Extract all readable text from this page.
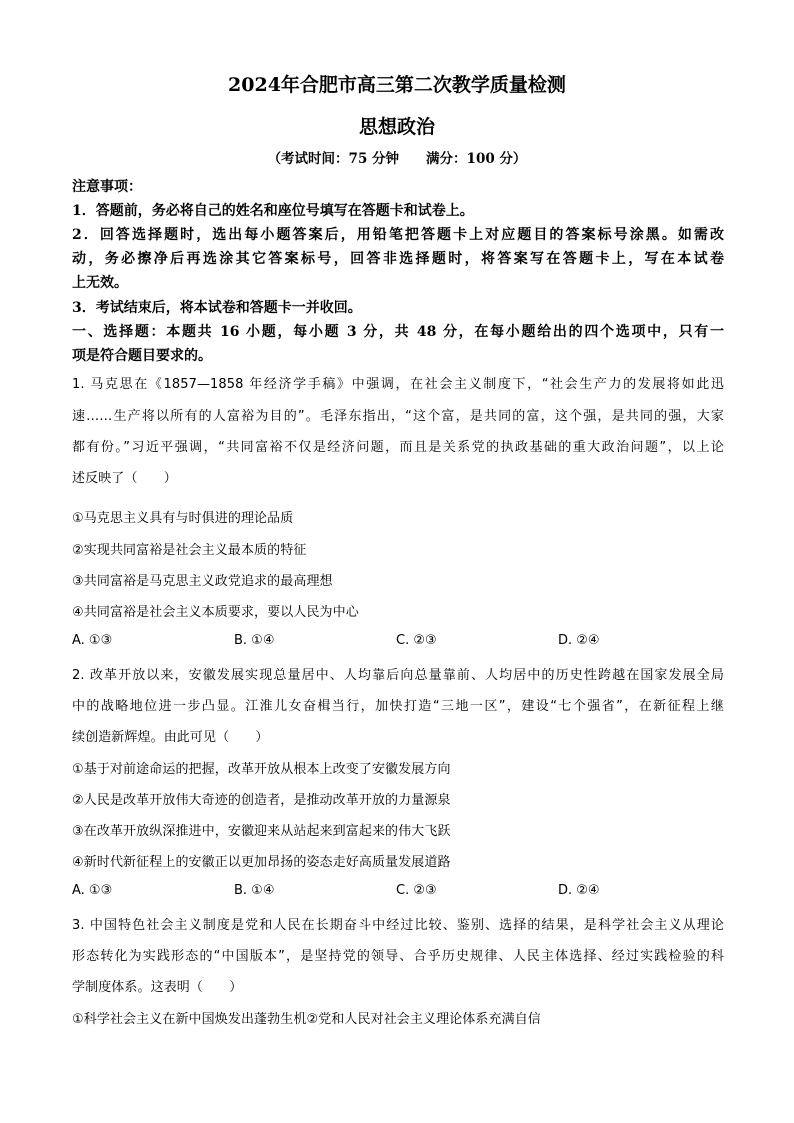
2024年合肥市高三第二次教学质量检测
思想政治
（考试时间：75 分钟　　满分：100 分）
注意事项：
1．答题前，务必将自己的姓名和座位号填写在答题卡和试卷上。
2．回答选择题时，选出每小题答案后，用铅笔把答题卡上对应题目的答案标号涂黑。如需改
动，务必擦净后再选涂其它答案标号，回答非选择题时，将答案写在答题卡上，写在本试卷
上无效。
3．考试结束后，将本试卷和答题卡一并收回。
一、选择题：本题共 16 小题，每小题 3 分，共 48 分，在每小题给出的四个选项中，只有一
项是符合题目要求的。
1. 马克思在《1857—1858 年经济学手稿》中强调，在社会主义制度下，“社会生产力的发展将如此迅
速……生产将以所有的人富裕为目的”。毛泽东指出，“这个富，是共同的富，这个强，是共同的强，大家
都有份。”习近平强调，“共同富裕不仅是经济问题，而且是关系党的执政基础的重大政治问题”，以上论
述反映了（　　）
①马克思主义具有与时俱进的理论品质
②实现共同富裕是社会主义最本质的特征
③共同富裕是马克思主义政党追求的最高理想
④共同富裕是社会主义本质要求，要以人民为中心
A. ①③	B. ①④	C. ②③	D. ②④
2. 改革开放以来，安徽发展实现总量居中、人均靠后向总量靠前、人均居中的历史性跨越在国家发展全局
中的战略地位进一步凸显。江淮儿女奋楫当行，加快打造“三地一区”，建设“七个强省”，在新征程上继
续创造新辉煌。由此可见（　　）
①基于对前途命运的把握，改革开放从根本上改变了安徽发展方向
②人民是改革开放伟大奇迹的创造者，是推动改革开放的力量源泉
③在改革开放纵深推进中，安徽迎来从站起来到富起来的伟大飞跃
④新时代新征程上的安徽正以更加昂扬的姿态走好高质量发展道路
A. ①③	B. ①④	C. ②③	D. ②④
3. 中国特色社会主义制度是党和人民在长期奋斗中经过比较、鉴别、选择的结果，是科学社会主义从理论
形态转化为实践形态的“中国版本”，是坚持党的领导、合乎历史规律、人民主体选择、经过实践检验的科
学制度体系。这表明（　　）
①科学社会主义在新中国焕发出蓬勃生机②党和人民对社会主义理论体系充满自信
